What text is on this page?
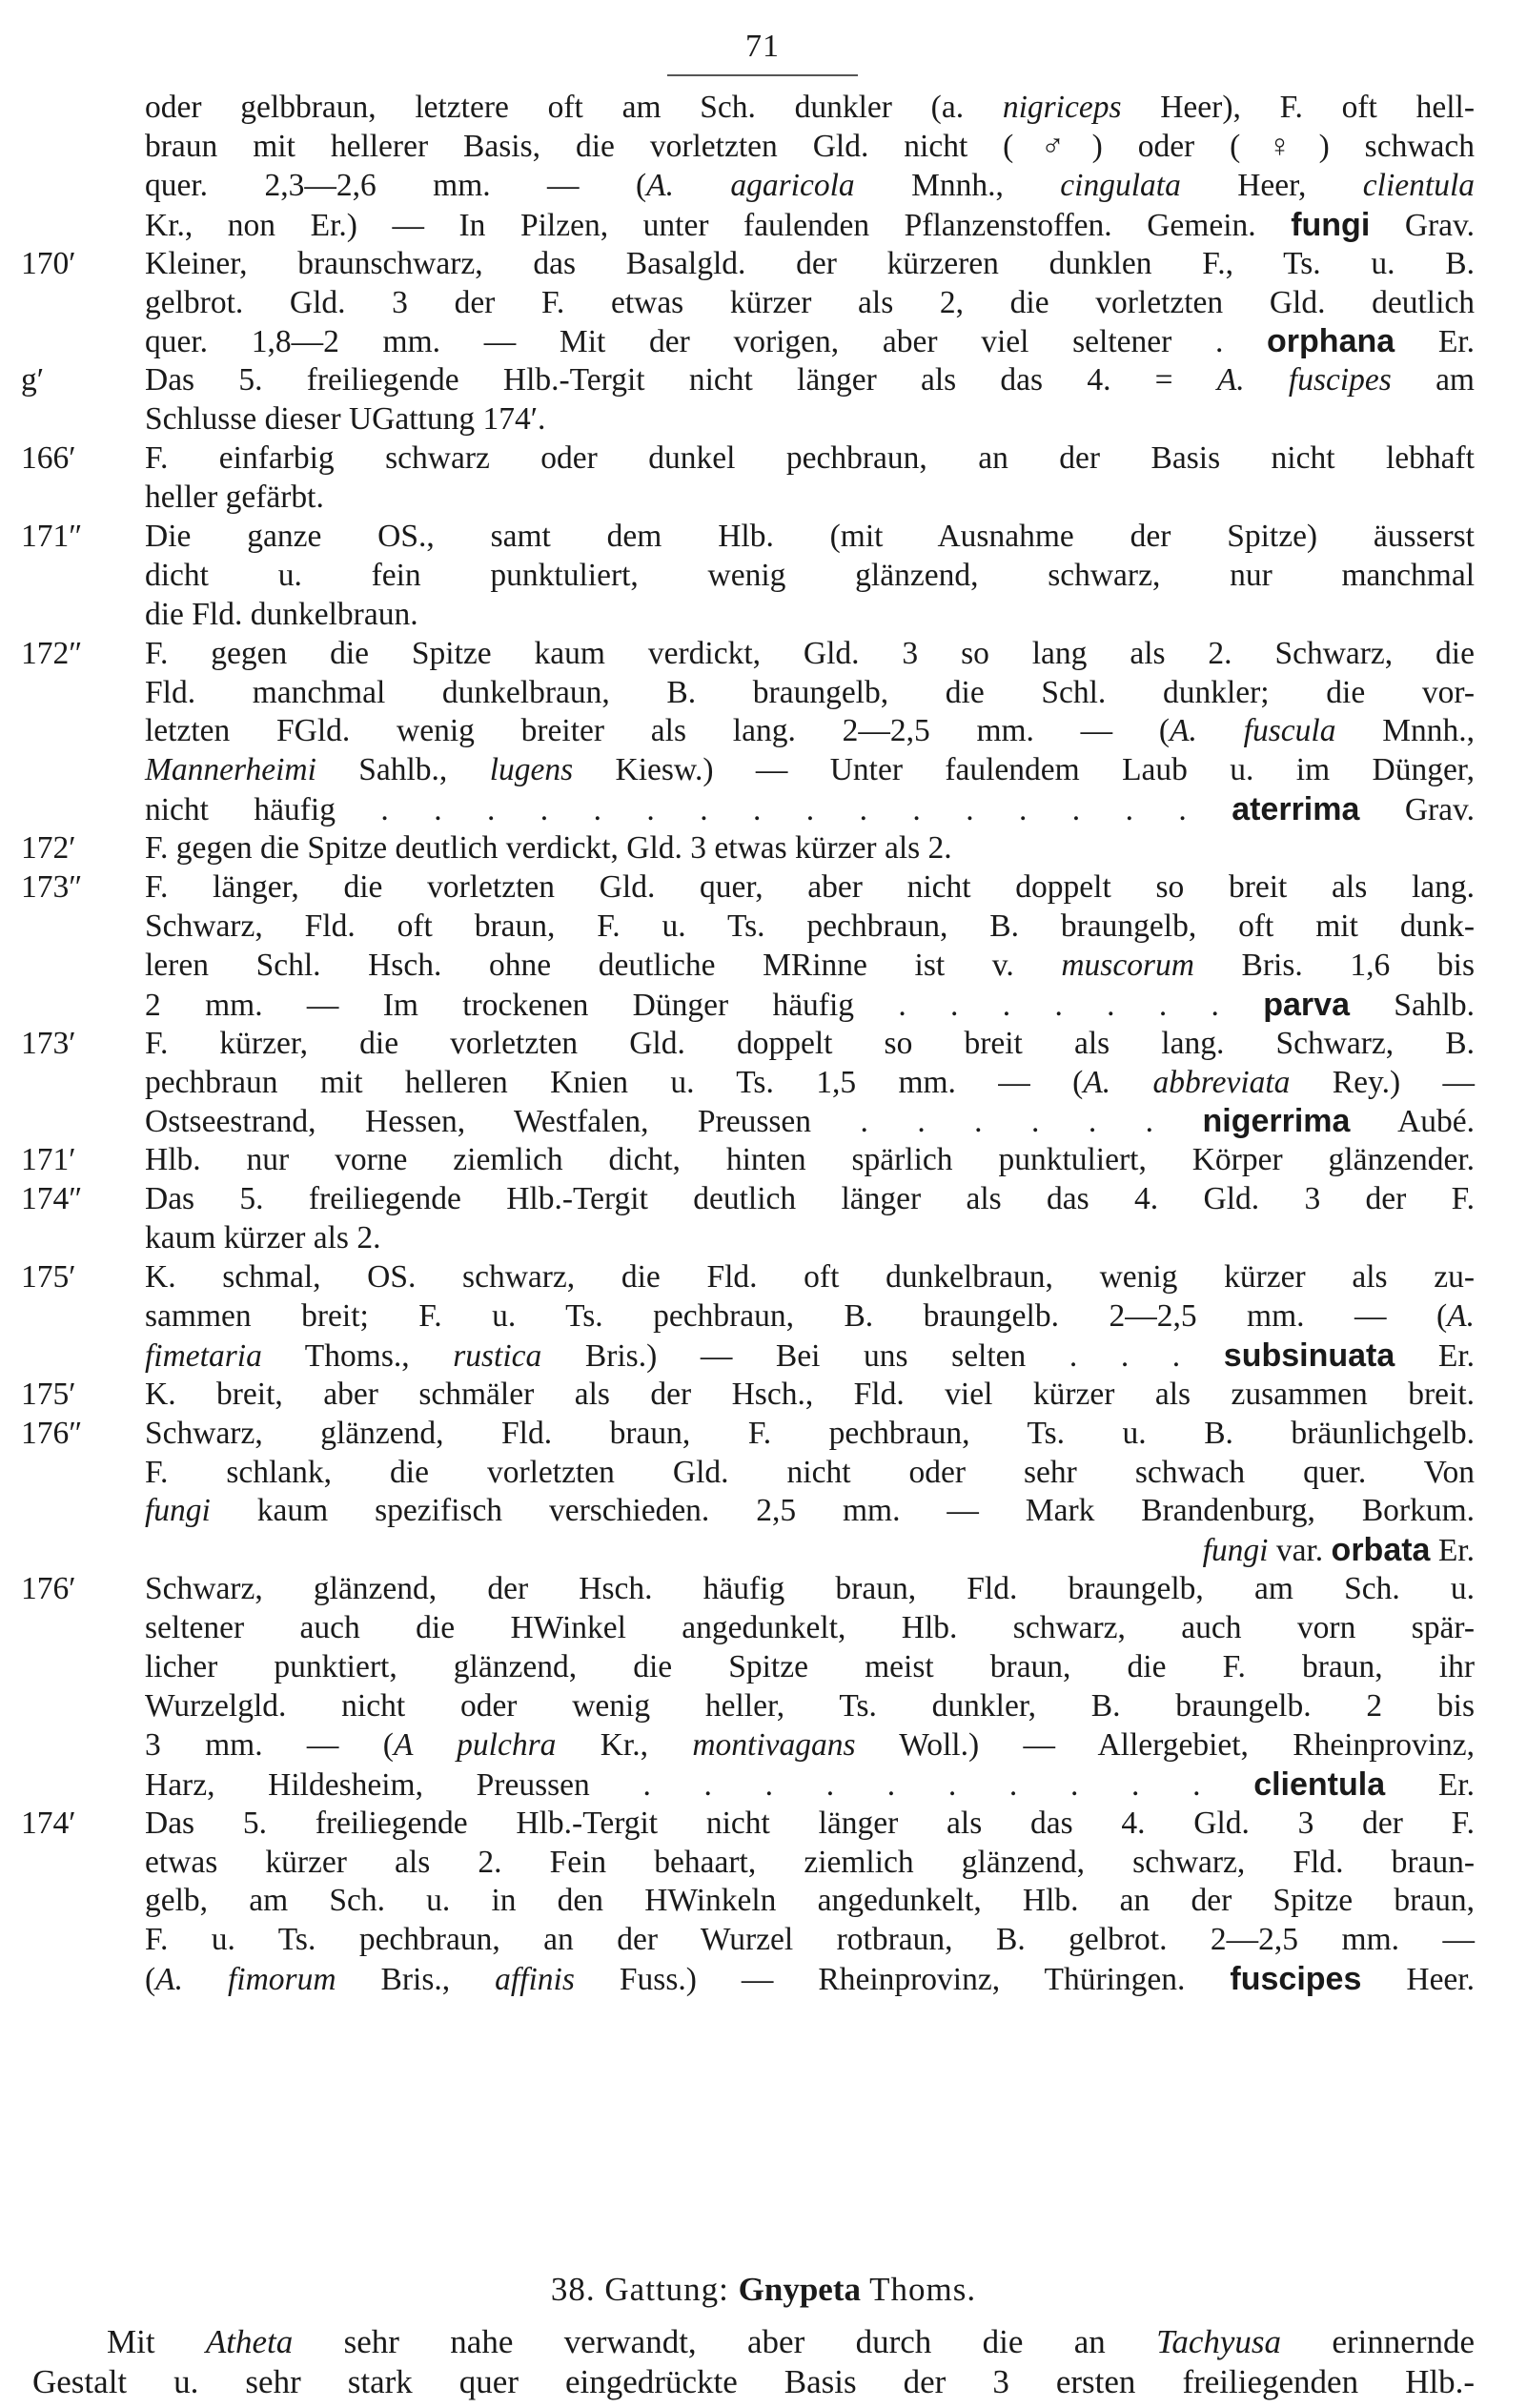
71
oder gelbbraun, letztere oft am Sch. dunkler (a. nigriceps Heer), F. oft hell-
braun mit hellerer Basis, die vorletzten Gld. nicht (♂) oder (♀) schwach
quer. 2,3—2,6 mm. — (A. agaricola Mnnh., cingulata Heer, clientula
Kr., non Er.) — In Pilzen, unter faulenden Pflanzenstoffen. Gemein. fungi Grav.
170′	Kleiner, braunschwarz, das Basalgld. der kürzeren dunklen F., Ts. u. B.
gelbrot. Gld. 3 der F. etwas kürzer als 2, die vorletzten Gld. deutlich
quer. 1,8—2 mm. — Mit der vorigen, aber viel seltener . orphana Er.
g′	Das 5. freiliegende Hlb.-Tergit nicht länger als das 4. = A. fuscipes am
Schlusse dieser UGattung 174′.
166′	F. einfarbig schwarz oder dunkel pechbraun, an der Basis nicht lebhaft
heller gefärbt.
171″	Die ganze OS., samt dem Hlb. (mit Ausnahme der Spitze) äusserst
dicht u. fein punktuliert, wenig glänzend, schwarz, nur manchmal
die Fld. dunkelbraun.
172″	F. gegen die Spitze kaum verdickt, Gld. 3 so lang als 2. Schwarz, die
Fld. manchmal dunkelbraun, B. braungelb, die Schl. dunkler; die vor-
letzten FGld. wenig breiter als lang. 2—2,5 mm. — (A. fuscula Mnnh.,
Mannerheimi Sahlb., lugens Kiesw.) — Unter faulendem Laub u. im Dünger,
nicht häufig . . . . . . . . . . . . . . . . aterrima Grav.
172′	F. gegen die Spitze deutlich verdickt, Gld. 3 etwas kürzer als 2.
173″	F. länger, die vorletzten Gld. quer, aber nicht doppelt so breit als lang.
Schwarz, Fld. oft braun, F. u. Ts. pechbraun, B. braungelb, oft mit dunk-
leren Schl. Hsch. ohne deutliche MRinne ist v. muscorum Bris. 1,6 bis
2 mm. — Im trockenen Dünger häufig . . . . . . . parva Sahlb.
173′	F. kürzer, die vorletzten Gld. doppelt so breit als lang. Schwarz, B.
pechbraun mit helleren Knien u. Ts. 1,5 mm. — (A. abbreviata Rey.) —
Ostseestrand, Hessen, Westfalen, Preussen . . . . . . nigerrima Aubé.
171′	Hlb. nur vorne ziemlich dicht, hinten spärlich punktuliert, Körper glänzender.
174″	Das 5. freiliegende Hlb.-Tergit deutlich länger als das 4. Gld. 3 der F.
kaum kürzer als 2.
175′	K. schmal, OS. schwarz, die Fld. oft dunkelbraun, wenig kürzer als zu-
sammen breit; F. u. Ts. pechbraun, B. braungelb. 2—2,5 mm. — (A.
fimetaria Thoms., rustica Bris.) — Bei uns selten . . . subsinuata Er.
175′	K. breit, aber schmäler als der Hsch., Fld. viel kürzer als zusammen breit.
176″	Schwarz, glänzend, Fld. braun, F. pechbraun, Ts. u. B. bräunlichgelb.
F. schlank, die vorletzten Gld. nicht oder sehr schwach quer. Von
fungi kaum spezifisch verschieden. 2,5 mm. — Mark Brandenburg, Borkum.
fungi var. orbata Er.
176′	Schwarz, glänzend, der Hsch. häufig braun, Fld. braungelb, am Sch. u.
seltener auch die HWinkel angedunkelt, Hlb. schwarz, auch vorn spär-
licher punktiert, glänzend, die Spitze meist braun, die F. braun, ihr
Wurzelgld. nicht oder wenig heller, Ts. dunkler, B. braungelb. 2 bis
3 mm. — (A pulchra Kr., montivagans Woll.) — Allergebiet, Rheinprovinz,
Harz, Hildesheim, Preussen . . . . . . . . . . clientula Er.
174′	Das 5. freiliegende Hlb.-Tergit nicht länger als das 4. Gld. 3 der F.
etwas kürzer als 2. Fein behaart, ziemlich glänzend, schwarz, Fld. braun-
gelb, am Sch. u. in den HWinkeln angedunkelt, Hlb. an der Spitze braun,
F. u. Ts. pechbraun, an der Wurzel rotbraun, B. gelbrot. 2—2,5 mm. —
(A. fimorum Bris., affinis Fuss.) — Rheinprovinz, Thüringen. fuscipes Heer.
38. Gattung: Gnypeta Thoms.
Mit Atheta sehr nahe verwandt, aber durch die an Tachyusa erinnernde
Gestalt u. sehr stark quer eingedrückte Basis der 3 ersten freiliegenden Hlb.-
